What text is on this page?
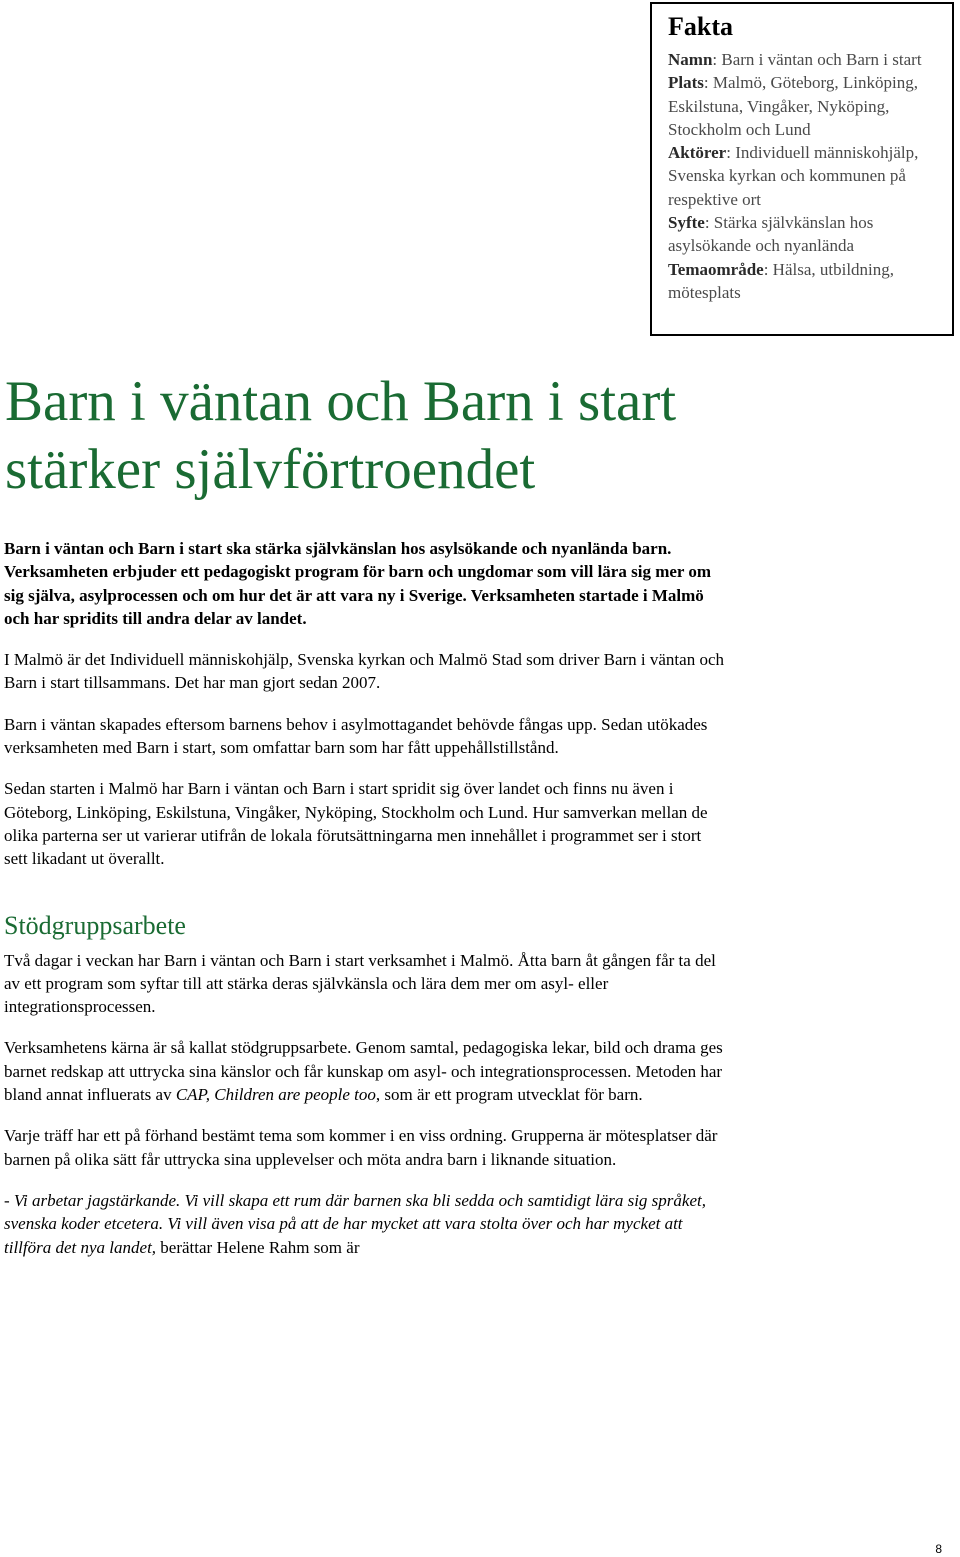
Fakta

Namn: Barn i väntan och Barn i start

Plats: Malmö, Göteborg, Linköping, Eskilstuna, Vingåker, Nyköping, Stockholm och Lund

Aktörer: Individuell människohjälp, Svenska kyrkan och kommunen på respektive ort

Syfte: Stärka självkänslan hos asylsökande och nyanlända

Temaområde: Hälsa, utbildning, mötesplats

Barn i väntan och Barn i start stärker självförtroendet

Barn i väntan och Barn i start ska stärka självkänslan hos asylsökande och nyanlända barn. Verksamheten erbjuder ett pedagogiskt program för barn och ungdomar som vill lära sig mer om sig själva, asylprocessen och om hur det är att vara ny i Sverige. Verksamheten startade i Malmö och har spridits till andra delar av landet.

I Malmö är det Individuell människohjälp, Svenska kyrkan och Malmö Stad som driver Barn i väntan och Barn i start tillsammans. Det har man gjort sedan 2007.

Barn i väntan skapades eftersom barnens behov i asylmottagandet behövde fångas upp. Sedan utökades verksamheten med Barn i start, som omfattar barn som har fått uppehållstillstånd.

Sedan starten i Malmö har Barn i väntan och Barn i start spridit sig över landet och finns nu även i Göteborg, Linköping, Eskilstuna, Vingåker, Nyköping, Stockholm och Lund. Hur samverkan mellan de olika parterna ser ut varierar utifrån de lokala förutsättningarna men innehållet i programmet ser i stort sett likadant ut överallt.

Stödgruppsarbete

Två dagar i veckan har Barn i väntan och Barn i start verksamhet i Malmö. Åtta barn åt gången får ta del av ett program som syftar till att stärka deras självkänsla och lära dem mer om asyl- eller integrationsprocessen.

Verksamhetens kärna är så kallat stödgruppsarbete. Genom samtal, pedagogiska lekar, bild och drama ges barnet redskap att uttrycka sina känslor och får kunskap om asyl- och integrationsprocessen. Metoden har bland annat influerats av CAP, Children are people too, som är ett program utvecklat för barn.

Varje träff har ett på förhand bestämt tema som kommer i en viss ordning. Grupperna är mötesplatser där barnen på olika sätt får uttrycka sina upplevelser och möta andra barn i liknande situation.

- Vi arbetar jagstärkande. Vi vill skapa ett rum där barnen ska bli sedda och samtidigt lära sig språket, svenska koder etcetera. Vi vill även visa på att de har mycket att vara stolta över och har mycket att tillföra det nya landet, berättar Helene Rahm som är

8
